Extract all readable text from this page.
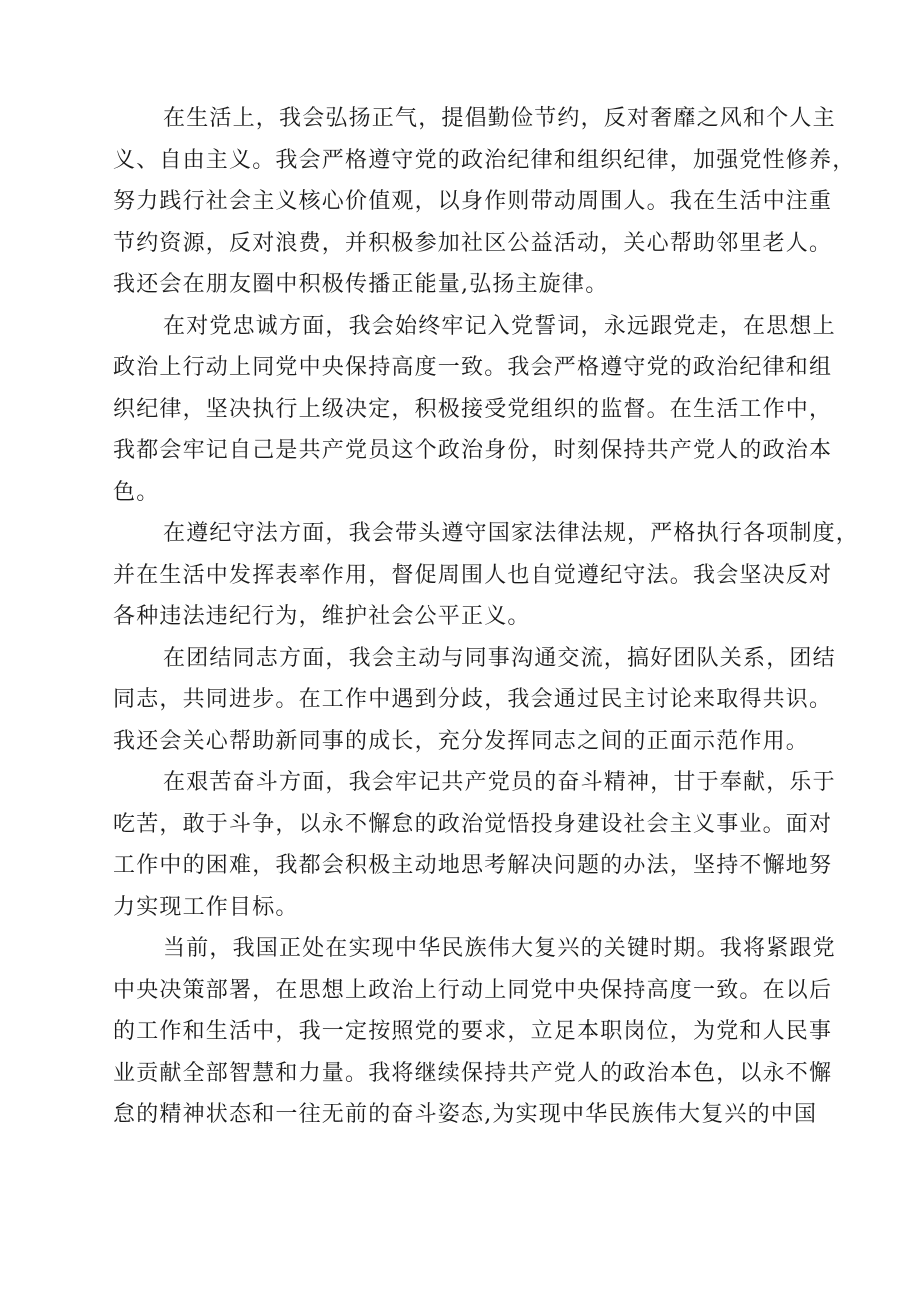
在生活上，我会弘扬正气，提倡勤俭节约，反对奢靡之风和个人主
义、自由主义。我会严格遵守党的政治纪律和组织纪律，加强党性修养，
努力践行社会主义核心价值观，以身作则带动周围人。我在生活中注重
节约资源，反对浪费，并积极参加社区公益活动，关心帮助邻里老人。
我还会在朋友圈中积极传播正能量,弘扬主旋律。
在对党忠诚方面，我会始终牢记入党誓词，永远跟党走，在思想上
政治上行动上同党中央保持高度一致。我会严格遵守党的政治纪律和组
织纪律，坚决执行上级决定，积极接受党组织的监督。在生活工作中，
我都会牢记自己是共产党员这个政治身份，时刻保持共产党人的政治本
色。
在遵纪守法方面，我会带头遵守国家法律法规，严格执行各项制度，
并在生活中发挥表率作用，督促周围人也自觉遵纪守法。我会坚决反对
各种违法违纪行为，维护社会公平正义。
在团结同志方面，我会主动与同事沟通交流，搞好团队关系，团结
同志，共同进步。在工作中遇到分歧，我会通过民主讨论来取得共识。
我还会关心帮助新同事的成长，充分发挥同志之间的正面示范作用。
在艰苦奋斗方面，我会牢记共产党员的奋斗精神，甘于奉献，乐于
吃苦，敢于斗争，以永不懈怠的政治觉悟投身建设社会主义事业。面对
工作中的困难，我都会积极主动地思考解决问题的办法，坚持不懈地努
力实现工作目标。
当前，我国正处在实现中华民族伟大复兴的关键时期。我将紧跟党
中央决策部署，在思想上政治上行动上同党中央保持高度一致。在以后
的工作和生活中，我一定按照党的要求，立足本职岗位，为党和人民事
业贡献全部智慧和力量。我将继续保持共产党人的政治本色，以永不懈
怠的精神状态和一往无前的奋斗姿态,为实现中华民族伟大复兴的中国
